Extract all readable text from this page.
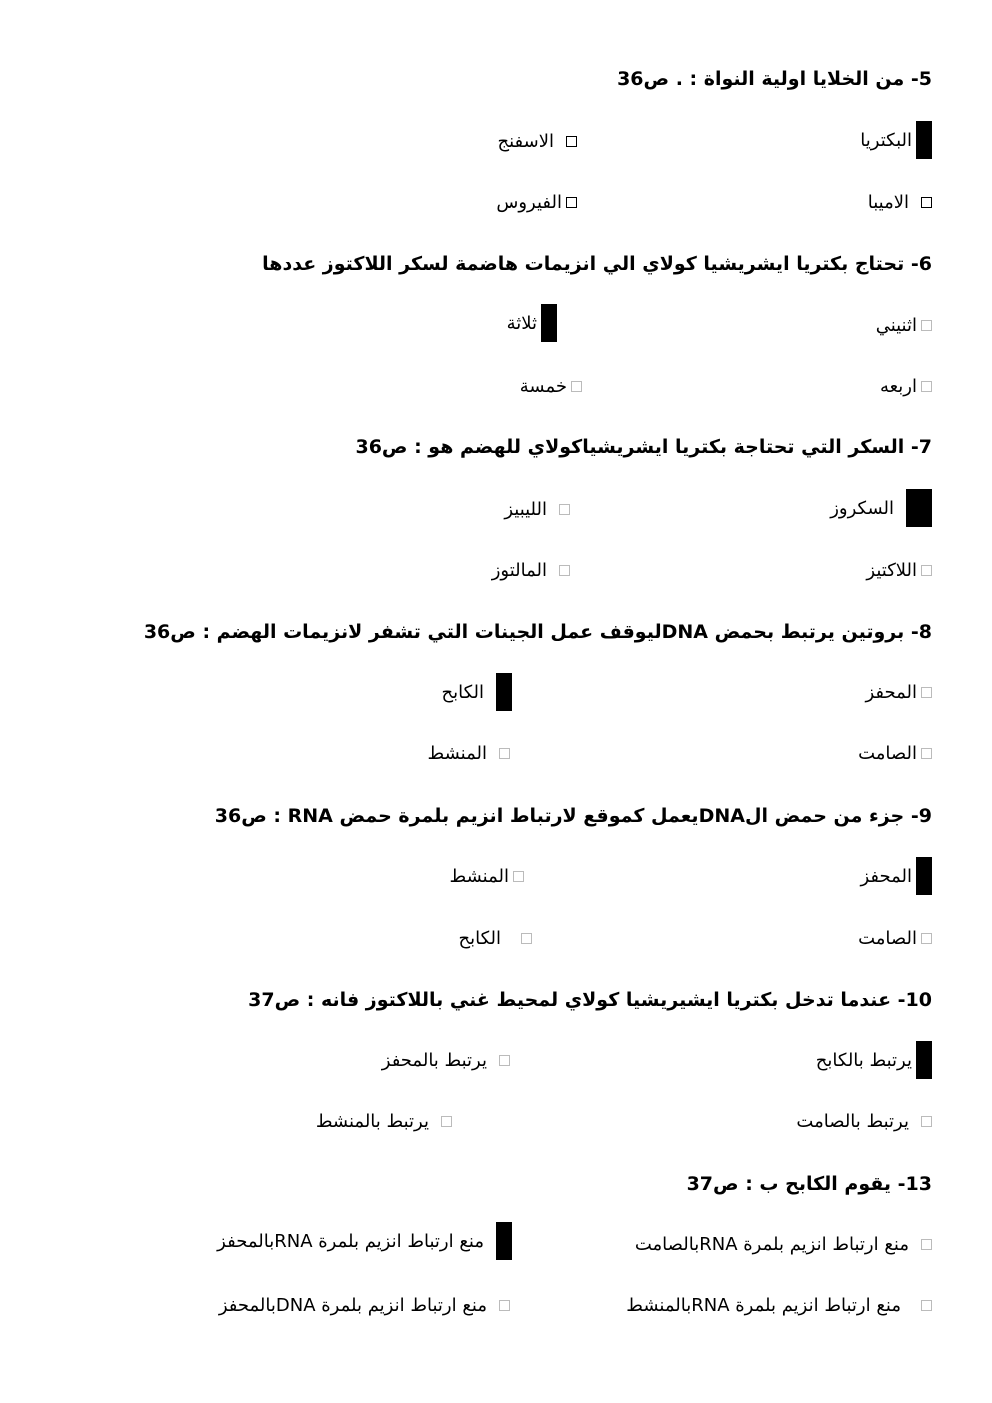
5- من الخلايا اولية النواة : . ص36
البكتريا
الاسفنج
الاميبا
الفيروس
6- تحتاج بكتريا ايشريشيا كولاي الي انزيمات هاضمة لسكر اللاكتوز عددها
اثنيني
ثلاثة
اربعه
خمسة
7- السكر التي تحتاجة بكتريا ايشريشياكولاي للهضم هو : ص36
السكروز
الليبيز
اللاكتيز
المالتوز
8- بروتين يرتبط بحمض DNAليوقف عمل الجينات التي تشفر لانزيمات الهضم : ص36
المحفز
الكابح
الصامت
المنشط
9- جزء من حمض الDNAيعمل كموقع لارتباط انزيم بلمرة حمض RNA : ص36
المحفز
المنشط
الصامت
الكابح
10- عندما تدخل بكتريا ايشيريشيا كولاي لمحيط غني باللاكتوز فانه : ص37
يرتبط بالكابح
يرتبط بالمحفز
يرتبط بالصامت
يرتبط بالمنشط
13- يقوم الكابح ب : ص37
منع ارتباط انزيم بلمرة RNAبالصامت
منع ارتباط انزيم بلمرة RNAبالمحفز
منع ارتباط انزيم بلمرة RNAبالمنشط
منع ارتباط انزيم بلمرة DNAبالمحفز
